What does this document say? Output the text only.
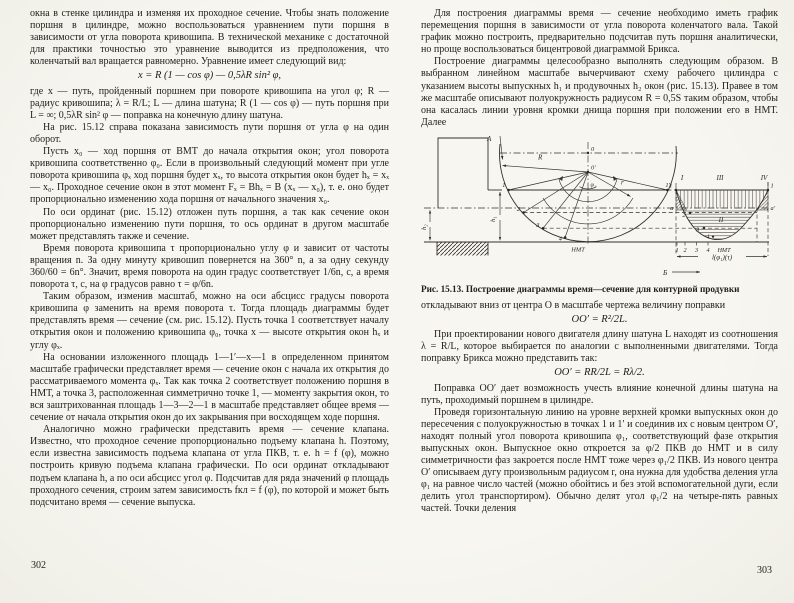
окна в стенке цилиндра и изменяя их проходное сечение. Чтобы знать положение поршня в цилиндре, можно воспользоваться уравнением пути поршня в зависимости от угла поворота кривошипа. В технической механике с достаточной для практики точностью это уравнение выводится из предположения, что коленчатый вал вращается равномерно. Уравнение имеет следующий вид:

x = R (1 — cos φ) — 0,5λR sin² φ,

где x — путь, пройденный поршнем при повороте кривошипа на угол φ; R — радиус кривошипа; λ = R/L; L — длина шатуна; R (1 — cos φ) — путь поршня при L = ∞; 0,5λR sin² φ — поправка на конечную длину шатуна.

На рис. 15.12 справа показана зависимость пути поршня от угла φ на один оборот.

Пусть x₀ — ход поршня от ВМТ до начала открытия окон; угол поворота кривошипа соответственно φ₀. Если в произвольный следующий момент при угле поворота кривошипа φₓ ход поршня будет xₓ, то высота открытия окон будет hₓ = xₓ — x₀. Проходное сечение окон в этот момент Fₓ = Bhₓ = B (xₓ — x₀), т. е. оно будет пропорционально изменению хода поршня от начального значения x₀.

По оси ординат (рис. 15.12) отложен путь поршня, а так как сечение окон пропорционально изменению пути поршня, то ось ординат в другом масштабе может представлять также и сечение.

Время поворота кривошипа τ пропорционально углу φ и зависит от частоты вращения n. За одну минуту кривошип повернется на 360° n, а за одну секунду 360/60 = 6n°. Значит, время поворота на один градус соответствует 1/6n, с, а время поворота τ, с, на φ градусов равно τ = φ/6n.

Таким образом, изменив масштаб, можно на оси абсцисс градусы поворота кривошипа φ заменить на время поворота τ. Тогда площадь диаграммы будет представлять время — сечение (см. рис. 15.12). Пусть точка 1 соответствует началу открытия окон и положению кривошипа φ₀, точка x — высоте открытия окон hₓ и углу φₓ.

На основании изложенного площадь 1—1′—x—1 в определенном принятом масштабе графически представляет время — сечение окон с начала их открытия до рассматриваемого момента φₓ. Так как точка 2 соответствует положению поршня в НМТ, а точка 3, расположенная симметрично точке 1, — моменту закрытия окон, то вся заштрихованная площадь 1—3—2—1 в масштабе представляет общее время — сечение от начала открытия окон до их закрывания при восходящем ходе поршня.

Аналогично можно графически представить время — сечение клапана. Известно, что проходное сечение пропорционально подъему клапана h. Поэтому, если известна зависимость подъема клапана от угла ПКВ, т. е. h = f (φ), можно построить кривую подъема клапана графически. По оси ординат откладывают подъем клапана h, а по оси абсцисс угол φ. Подсчитав для ряда значений φ площадь проходного сечения, строим затем зависимость fкл = f (φ), по которой и может быть подсчитано время — сечение выпуска.

302

Для построения диаграммы время — сечение необходимо иметь график перемещения поршня в зависимости от угла поворота коленчатого вала. Такой график можно построить, предварительно подсчитав путь поршня аналитически, но проще воспользоваться бицентровой диаграммой Брикса.

Построение диаграммы целесообразно выполнять следующим образом. В выбранном линейном масштабе вычерчивают схему рабочего цилиндра с указанием высоты выпускных h₁ и продувочных h₂ окон (рис. 15.13). Правее в том же масштабе описывают полуокружность радиусом R = 0,5S таким образом, чтобы она касалась линии уровня кромки днища поршня при положении его в НМТ. Далее

А
0
0′
R
r
φ₁
h₁
h₂
НМТ
1
2
3
4
1′
I	III	IV
II
1
a
2
3
4
1
a′
1 2 3 4 НМТ
l(φ₁)(τ)
Б

Рис. 15.13. Построение диаграммы время—сечение для контурной продувки

откладывают вниз от центра O в масштабе чертежа величину поправки

OO′ = R²/2L.

При проектировании нового двигателя длину шатуна L находят из соотношения λ = R/L, которое выбирается по аналогии с выполненными двигателями. Тогда поправку Брикса можно представить так:

OO′ = RR/2L = Rλ/2.

Поправка OO′ дает возможность учесть влияние конечной длины шатуна на путь, проходимый поршнем в цилиндре.

Проведя горизонтальную линию на уровне верхней кромки выпускных окон до пересечения с полуокружностью в точках 1 и 1′ и соединив их с новым центром O′, находят полный угол поворота кривошипа φ₁, соответствующий фазе открытия выпускных окон. Выпускное окно откроется за φ/2 ПКВ до НМТ и в силу симметричности фаз закроется после НМТ тоже через φ₁/2 ПКВ. Из нового центра O′ описываем дугу произвольным радиусом r, она нужна для удобства деления угла φ₁ на равное число частей (можно обойтись и без этой вспомогательной дуги, если делить угол транспортиром). Обычно делят угол φ₁/2 на четыре-пять равных частей. Точки деления

303
